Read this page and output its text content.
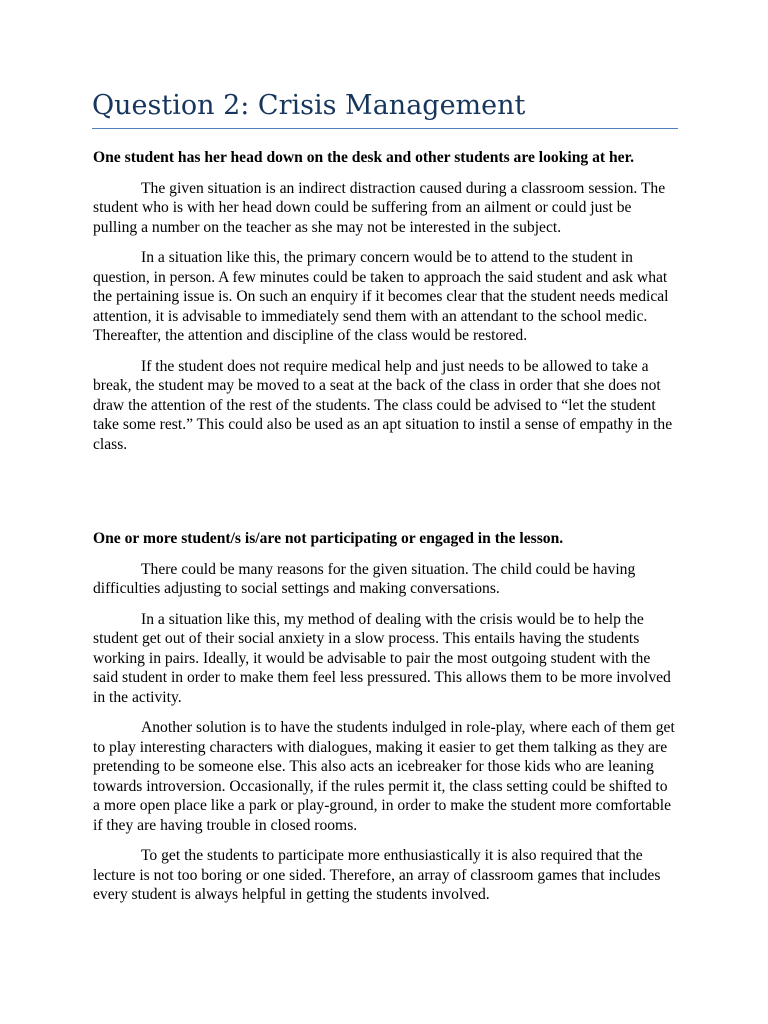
Question 2: Crisis Management

One student has her head down on the desk and other students are looking at her.

The given situation is an indirect distraction caused during a classroom session. The student who is with her head down could be suffering from an ailment or could just be pulling a number on the teacher as she may not be interested in the subject.

In a situation like this, the primary concern would be to attend to the student in question, in person. A few minutes could be taken to approach the said student and ask what the pertaining issue is. On such an enquiry if it becomes clear that the student needs medical attention, it is advisable to immediately send them with an attendant to the school medic. Thereafter, the attention and discipline of the class would be restored.

If the student does not require medical help and just needs to be allowed to take a break, the student may be moved to a seat at the back of the class in order that she does not draw the attention of the rest of the students. The class could be advised to “let the student take some rest.” This could also be used as an apt situation to instil a sense of empathy in the class.

One or more student/s is/are not participating or engaged in the lesson.

There could be many reasons for the given situation. The child could be having difficulties adjusting to social settings and making conversations.

In a situation like this, my method of dealing with the crisis would be to help the student get out of their social anxiety in a slow process. This entails having the students working in pairs. Ideally, it would be advisable to pair the most outgoing student with the said student in order to make them feel less pressured. This allows them to be more involved in the activity.

Another solution is to have the students indulged in role-play, where each of them get to play interesting characters with dialogues, making it easier to get them talking as they are pretending to be someone else. This also acts an icebreaker for those kids who are leaning towards introversion. Occasionally, if the rules permit it, the class setting could be shifted to a more open place like a park or play-ground, in order to make the student more comfortable if they are having trouble in closed rooms.

To get the students to participate more enthusiastically it is also required that the lecture is not too boring or one sided. Therefore, an array of classroom games that includes every student is always helpful in getting the students involved.
